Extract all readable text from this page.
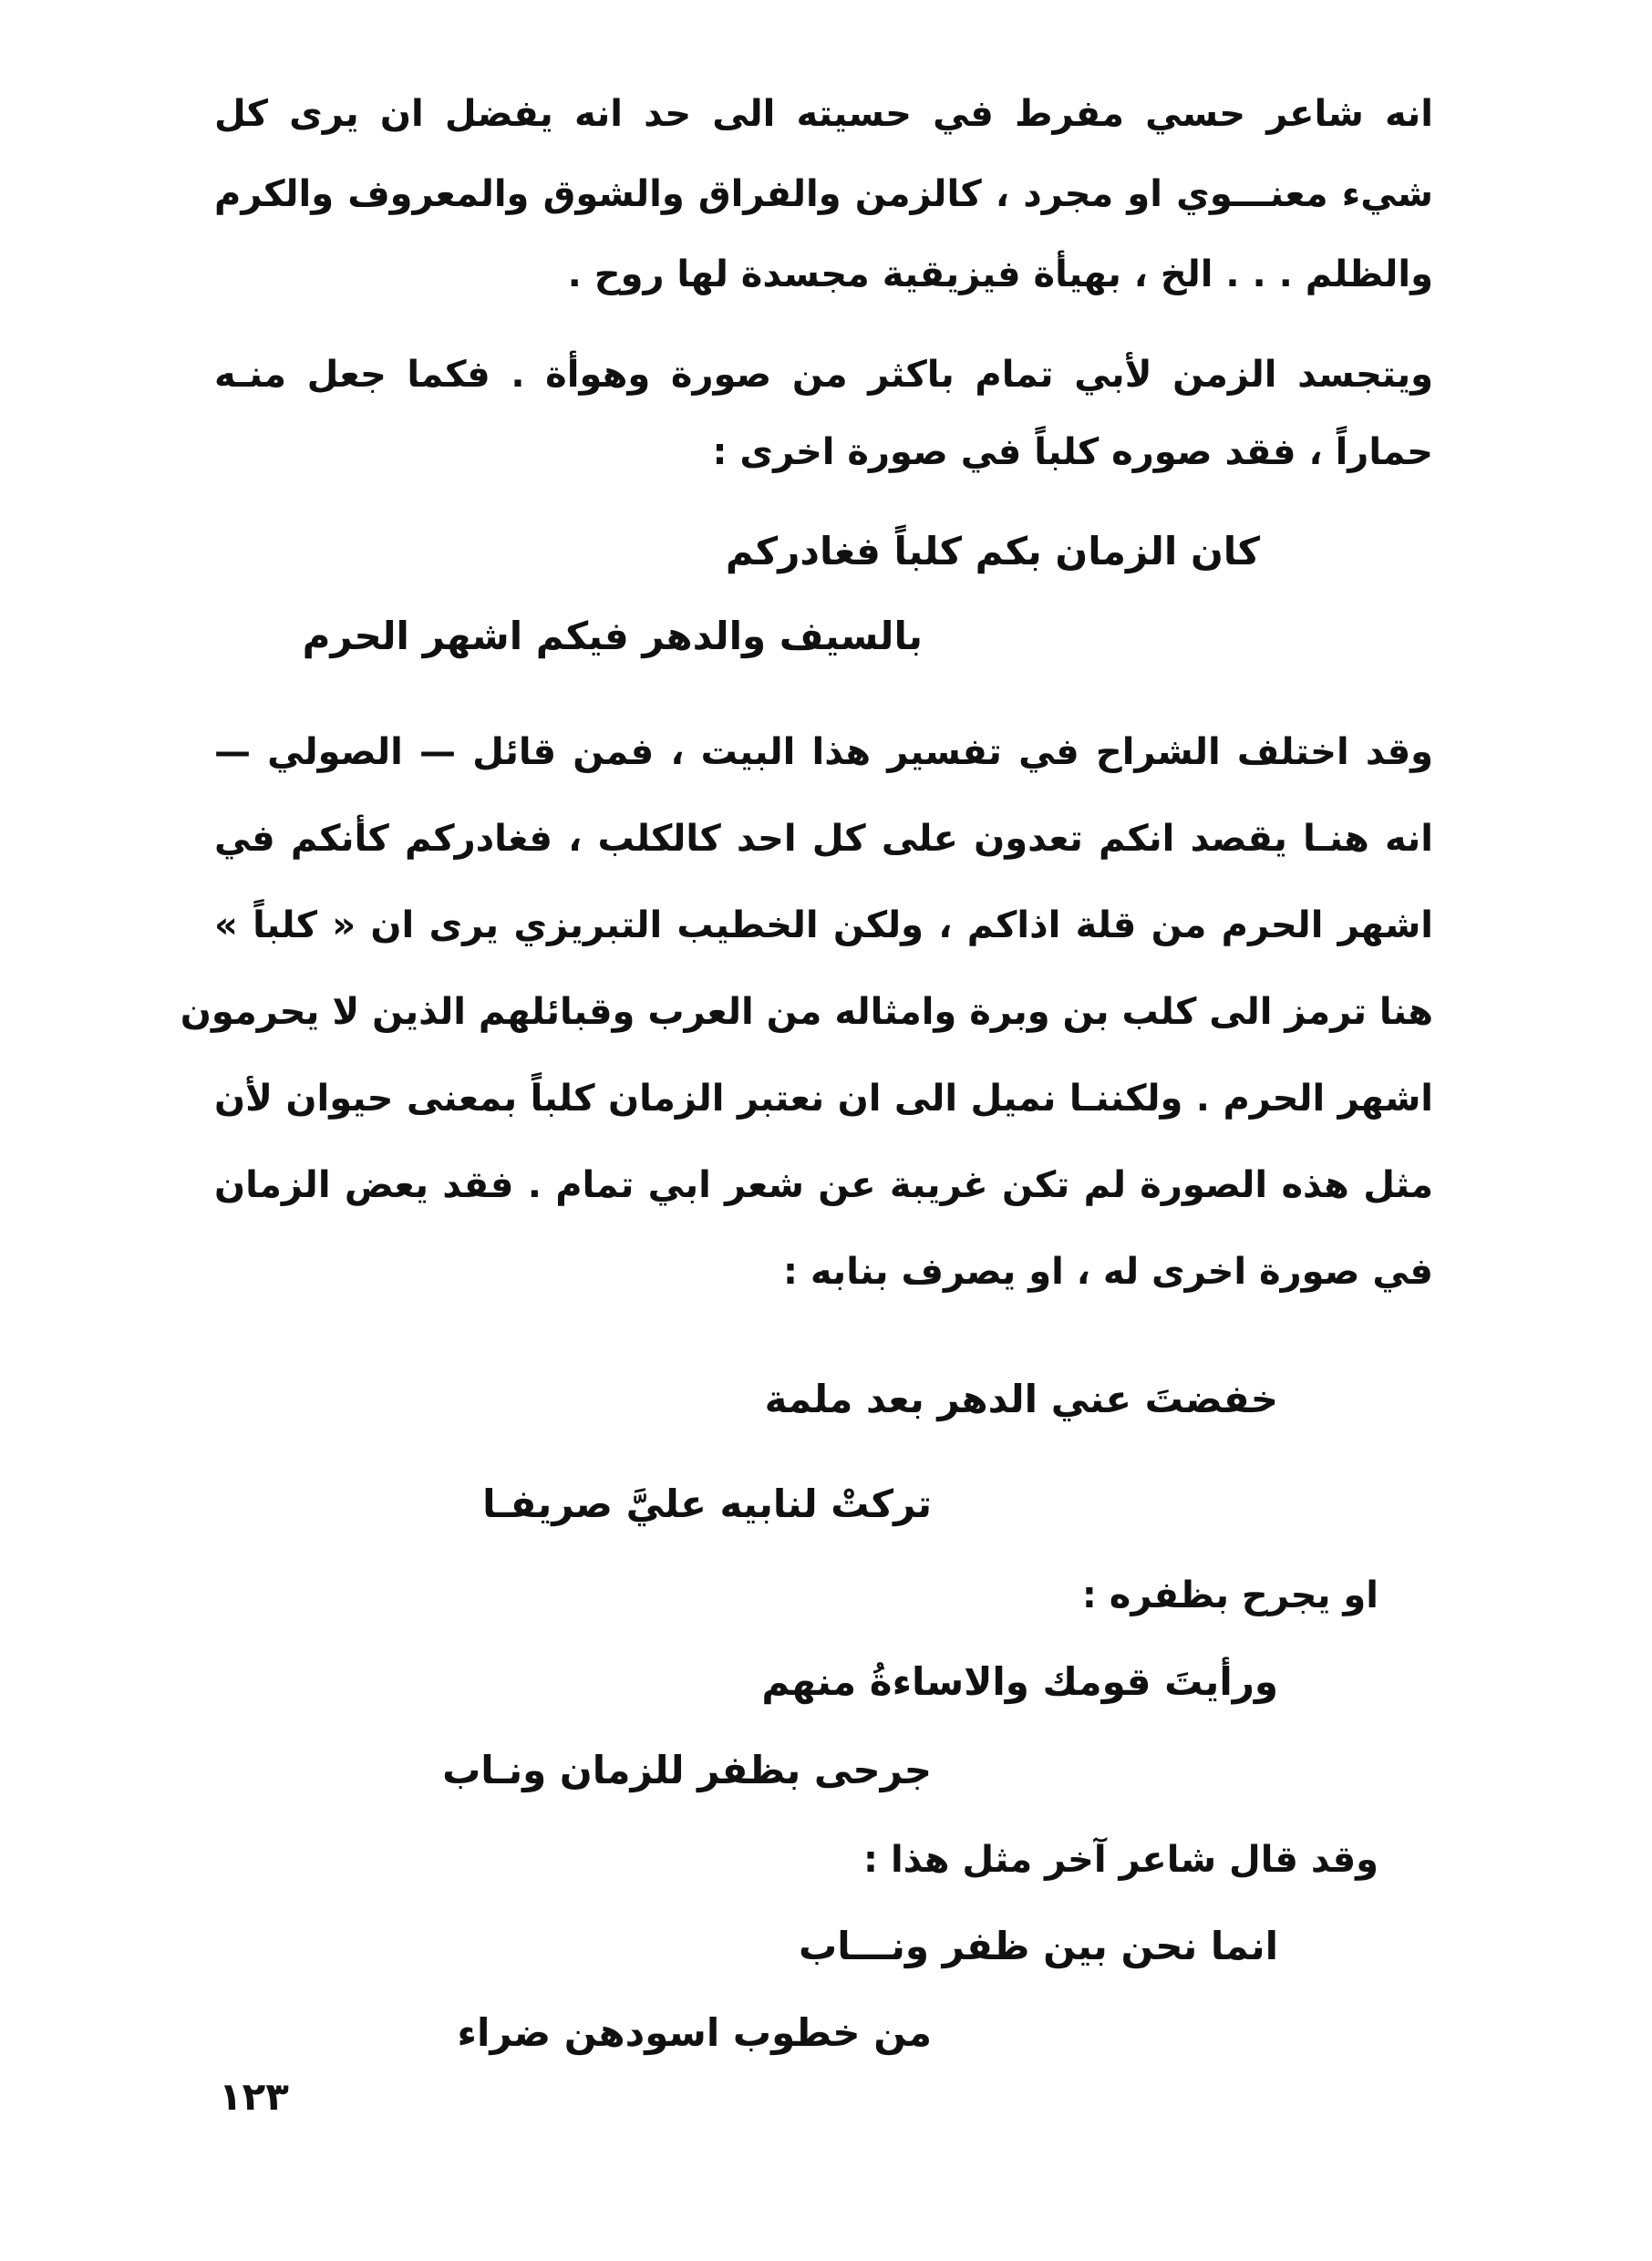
انه شاعر حسي مفرط في حسيته الى حد انه يفضل ان يرى كل
شيء معنـــوي او مجرد ، كالزمن والفراق والشوق والمعروف والكرم
والظلم . . . الخ ، بهيأة فيزيقية مجسدة لها روح .
ويتجسد الزمن لأبي تمام باكثر من صورة وهوأة . فكما جعل منـه
حماراً ، فقد صوره كلباً في صورة اخرى :
كان الزمان بكم كلباً فغادركم
بالسيف والدهر فيكم اشهر الحرم
وقد اختلف الشراح في تفسير هذا البيت ، فمن قائل — الصولي —
انه هنـا يقصد انكم تعدون على كل احد كالكلب ، فغادركم كأنكم في
اشهر الحرم من قلة اذاكم ، ولكن الخطيب التبريزي يرى ان « كلباً »
هنا ترمز الى كلب بن وبرة وامثاله من العرب وقبائلهم الذين لا يحرمون
اشهر الحرم . ولكننـا نميل الى ان نعتبر الزمان كلباً بمعنى حيوان لأن
مثل هذه الصورة لم تكن غريبة عن شعر ابي تمام . فقد يعض الزمان
في صورة اخرى له ، او يصرف بنابه :
خفضتَ عني الدهر بعد ملمة
تركتْ لنابيه عليَّ صريفـا
او يجرح بظفره :
ورأيتَ قومك والاساءةُ منهم
جرحى بظفر للزمان ونـاب
وقد قال شاعر آخر مثل هذا :
انما نحن بين ظفر ونـــاب
من خطوب اسودهن ضراء
١٢٣
